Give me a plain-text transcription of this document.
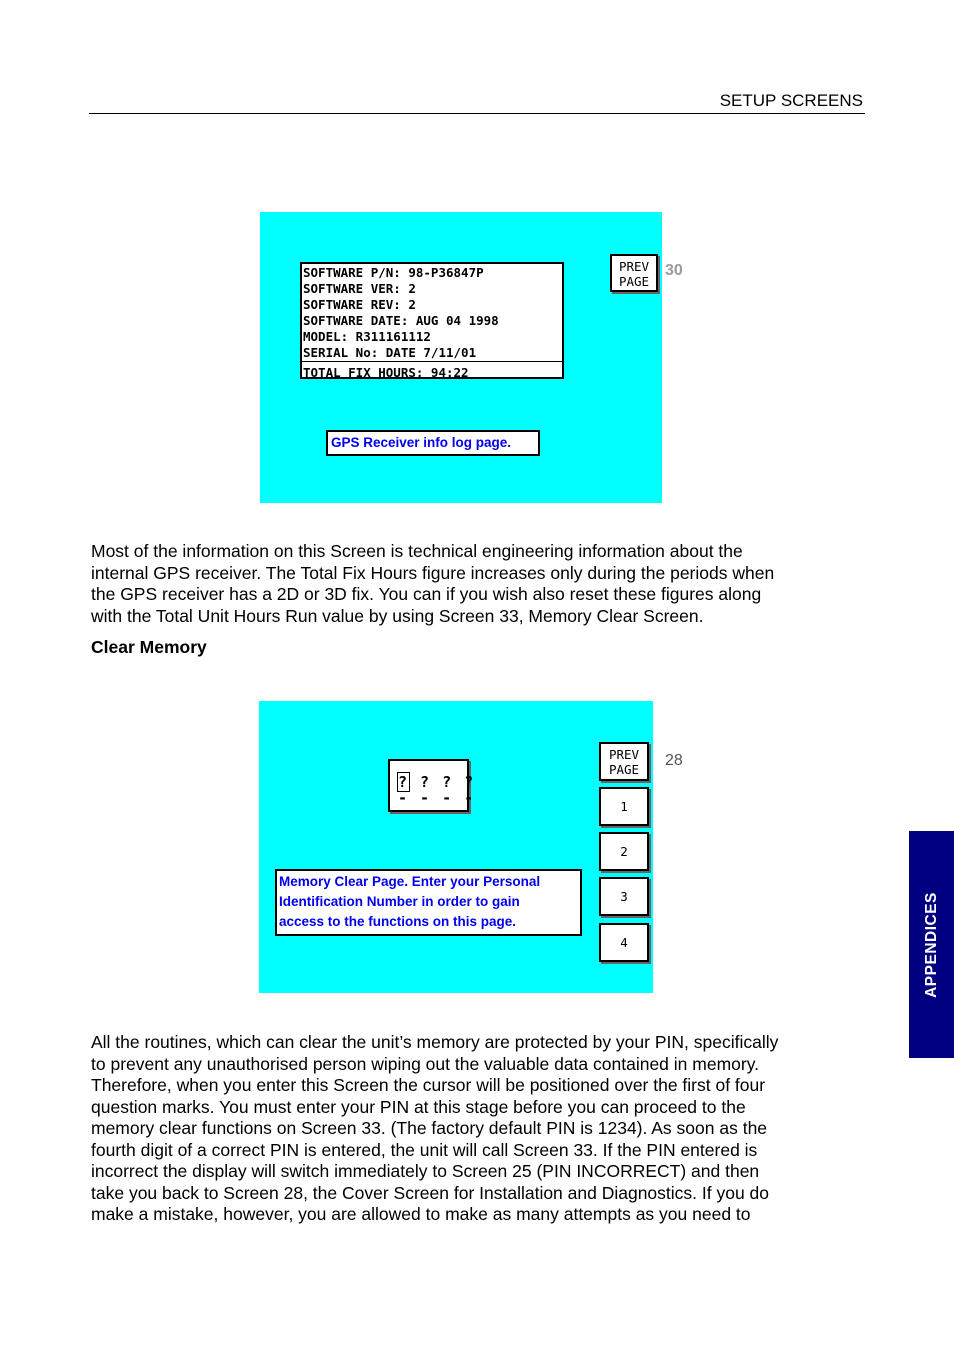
SETUP SCREENS
SOFTWARE P/N: 98-P36847P
SOFTWARE VER: 2
SOFTWARE REV: 2
SOFTWARE DATE: AUG 04 1998
MODEL: R311161112
SERIAL No: DATE 7/11/01
TOTAL FIX HOURS: 94:22
PREV
PAGE
GPS Receiver info log page.
30
Most of the information on this Screen is technical engineering information about the
internal GPS receiver. The Total Fix Hours figure increases only during the periods when
the GPS receiver has a 2D or 3D fix. You can if you wish also reset these figures along
with the Total Unit Hours Run value by using Screen 33, Memory Clear Screen.
Clear Memory
? ? ? ?
- - - -
PREV
PAGE
1
2
3
4
Memory Clear Page. Enter your Personal
Identification Number in order to gain
access to the functions on this page.
28
All the routines, which can clear the unit’s memory are protected by your PIN, specifically
to prevent any unauthorised person wiping out the valuable data contained in memory.
Therefore, when you enter this Screen the cursor will be positioned over the first of four
question marks. You must enter your PIN at this stage before you can proceed to the
memory clear functions on Screen 33. (The factory default PIN is 1234). As soon as the
fourth digit of a correct PIN is entered, the unit will call Screen 33. If the PIN entered is
incorrect the display will switch immediately to Screen 25 (PIN INCORRECT) and then
take you back to Screen 28, the Cover Screen for Installation and Diagnostics. If you do
make a mistake, however, you are allowed to make as many attempts as you need to
APPENDICES
